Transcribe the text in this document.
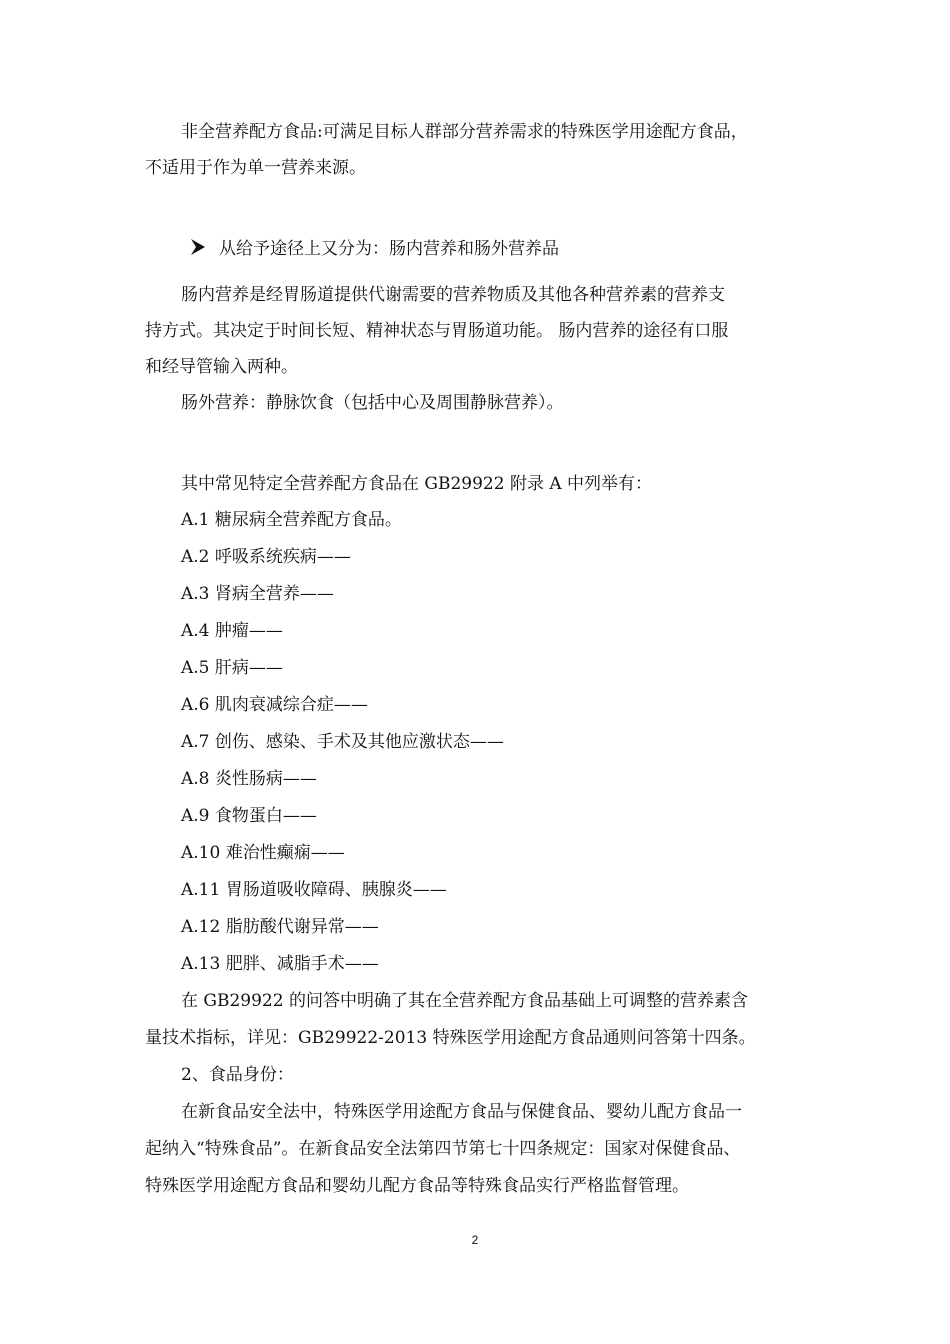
非全营养配方食品:可满足目标人群部分营养需求的特殊医学用途配方食品，
不适用于作为单一营养来源。
从给予途径上又分为：肠内营养和肠外营养品
肠内营养是经胃肠道提供代谢需要的营养物质及其他各种营养素的营养支
持方式。其决定于时间长短、精神状态与胃肠道功能。 肠内营养的途径有口服
和经导管输入两种。
肠外营养：静脉饮食（包括中心及周围静脉营养）。
其中常见特定全营养配方食品在 GB29922 附录 A 中列举有：
A.1 糖尿病全营养配方食品。
A.2 呼吸系统疾病——
A.3 肾病全营养——
A.4 肿瘤——
A.5 肝病——
A.6 肌肉衰减综合症——
A.7 创伤、感染、手术及其他应激状态——
A.8 炎性肠病——
A.9 食物蛋白——
A.10 难治性癫痫——
A.11 胃肠道吸收障碍、胰腺炎——
A.12 脂肪酸代谢异常——
A.13 肥胖、减脂手术——
在 GB29922 的问答中明确了其在全营养配方食品基础上可调整的营养素含
量技术指标，详见：GB29922-2013 特殊医学用途配方食品通则问答第十四条。
2、食品身份：
在新食品安全法中，特殊医学用途配方食品与保健食品、婴幼儿配方食品一
起纳入“特殊食品”。在新食品安全法第四节第七十四条规定：国家对保健食品、
特殊医学用途配方食品和婴幼儿配方食品等特殊食品实行严格监督管理。
2
